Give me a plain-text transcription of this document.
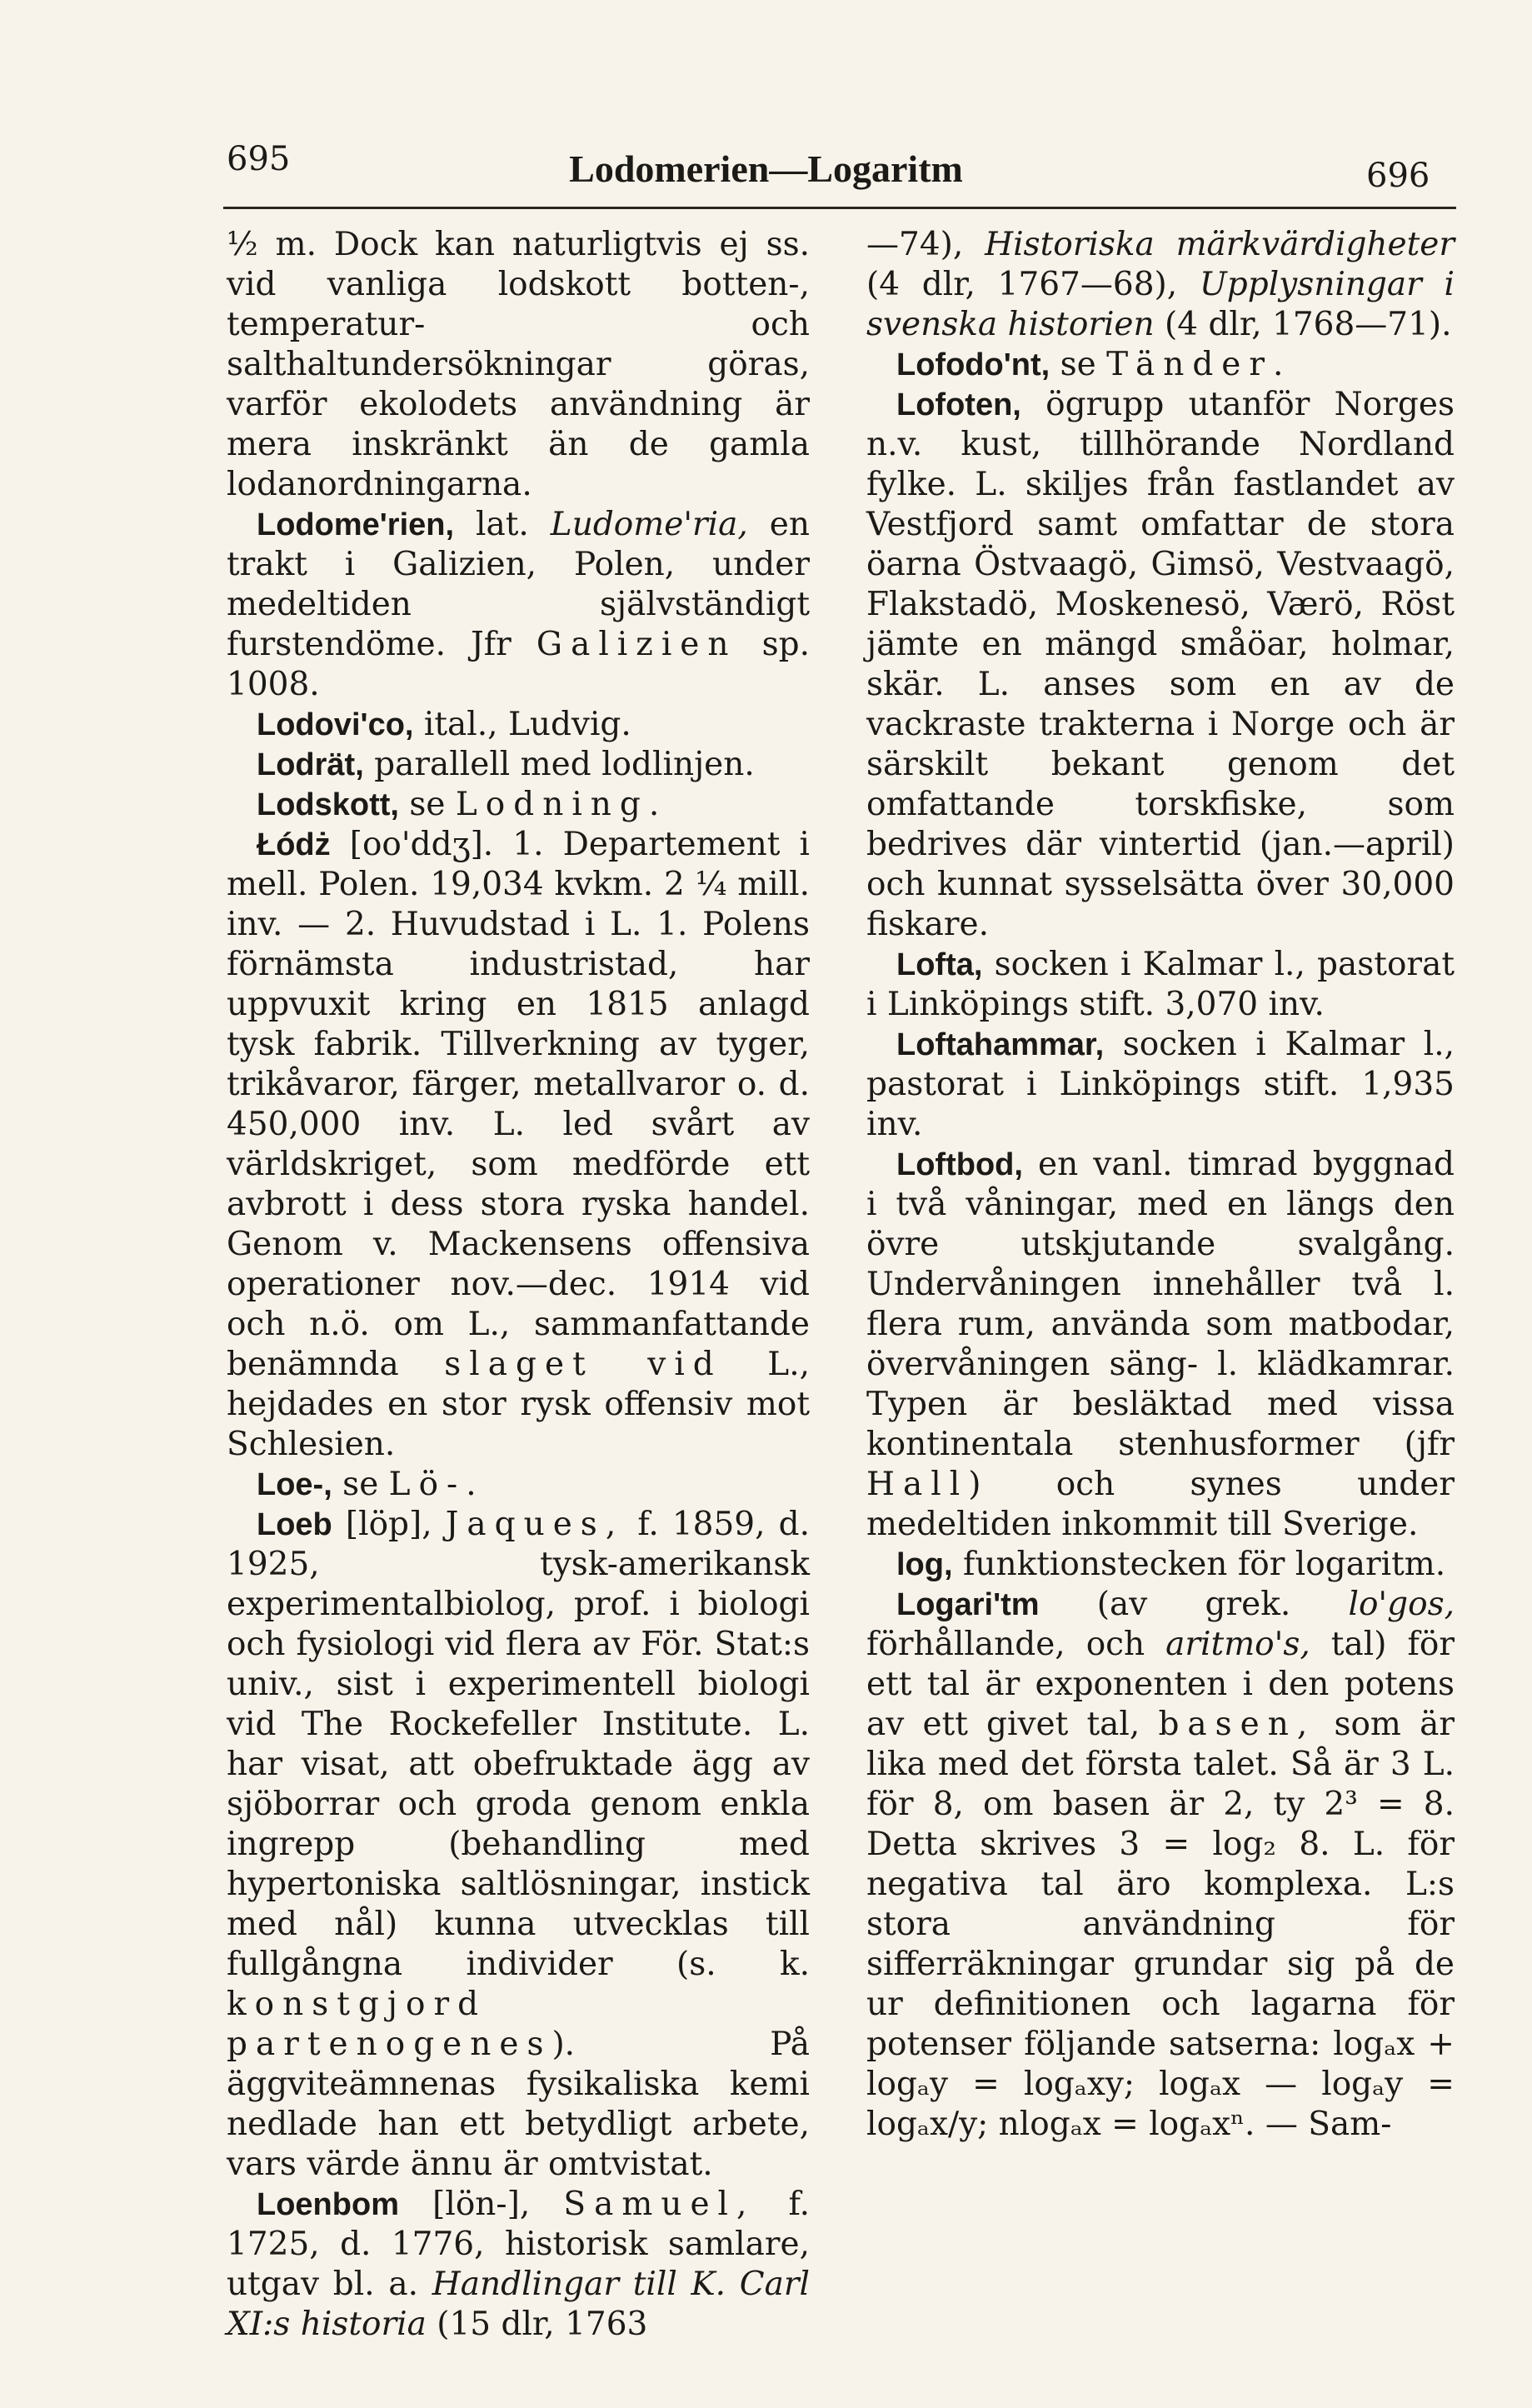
695	Lodomerien—Logaritm	696

½ m. Dock kan naturligtvis ej ss. vid vanliga lodskott botten-, temperatur- och salthaltundersökningar göras, varför ekolodets användning är mera inskränkt än de gamla lodanordningarna.

Lodome'rien, lat. Ludome'ria, en trakt i Galizien, Polen, under medeltiden självständigt furstendöme. Jfr Galizien sp. 1008.

Lodovi'co, ital., Ludvig.

Lodrät, parallell med lodlinjen.

Lodskott, se Lodning.

Łódż [oo'ddʒ]. 1. Departement i mell. Polen. 19,034 kvkm. 2 ¼ mill. inv. — 2. Huvudstad i L. 1. Polens förnämsta industristad, har uppvuxit kring en 1815 anlagd tysk fabrik. Tillverkning av tyger, trikåvaror, färger, metallvaror o. d. 450,000 inv. L. led svårt av världskriget, som medförde ett avbrott i dess stora ryska handel. Genom v. Mackensens offensiva operationer nov.—dec. 1914 vid och n.ö. om L., sammanfattande benämnda slaget vid L., hejdades en stor rysk offensiv mot Schlesien.

Loe-, se Lö-.

Loeb [löp], Jaques, f. 1859, d. 1925, tysk-amerikansk experimentalbiolog, prof. i biologi och fysiologi vid flera av För. Stat:s univ., sist i experimentell biologi vid The Rockefeller Institute. L. har visat, att obefruktade ägg av sjöborrar och groda genom enkla ingrepp (behandling med hypertoniska saltlösningar, instick med nål) kunna utvecklas till fullgångna individer (s. k. konstgjord partenogenes). På äggviteämnenas fysikaliska kemi nedlade han ett betydligt arbete, vars värde ännu är omtvistat.

Loenbom [lön-], Samuel, f. 1725, d. 1776, historisk samlare, utgav bl. a. Handlingar till K. Carl XI:s historia (15 dlr, 1763

—74), Historiska märkvärdigheter (4 dlr, 1767—68), Upplysningar i svenska historien (4 dlr, 1768—71).

Lofodo'nt, se Tänder.

Lofoten, ögrupp utanför Norges n.v. kust, tillhörande Nordland fylke. L. skiljes från fastlandet av Vestfjord samt omfattar de stora öarna Östvaagö, Gimsö, Vestvaagö, Flakstadö, Moskenesö, Værö, Röst jämte en mängd småöar, holmar, skär. L. anses som en av de vackraste trakterna i Norge och är särskilt bekant genom det omfattande torskfiske, som bedrives där vintertid (jan.—april) och kunnat sysselsätta över 30,000 fiskare.

Lofta, socken i Kalmar l., pastorat i Linköpings stift. 3,070 inv.

Loftahammar, socken i Kalmar l., pastorat i Linköpings stift. 1,935 inv.

Loftbod, en vanl. timrad byggnad i två våningar, med en längs den övre utskjutande svalgång. Undervåningen innehåller två l. flera rum, använda som matbodar, övervåningen säng- l. klädkamrar. Typen är besläktad med vissa kontinentala stenhusformer (jfr Hall) och synes under medeltiden inkommit till Sverige.

log, funktionstecken för logaritm.

Logari'tm (av grek. lo'gos, förhållande, och aritmo's, tal) för ett tal är exponenten i den potens av ett givet tal, basen, som är lika med det första talet. Så är 3 L. för 8, om basen är 2, ty 2³ = 8. Detta skrives 3 = log₂ 8. L. för negativa tal äro komplexa. L:s stora användning för sifferräkningar grundar sig på de ur definitionen och lagarna för potenser följande satserna: logₐx + logₐy = logₐxy; logₐx — logₐy = logₐx/y; nlogₐx = logₐxⁿ. — Sam-
